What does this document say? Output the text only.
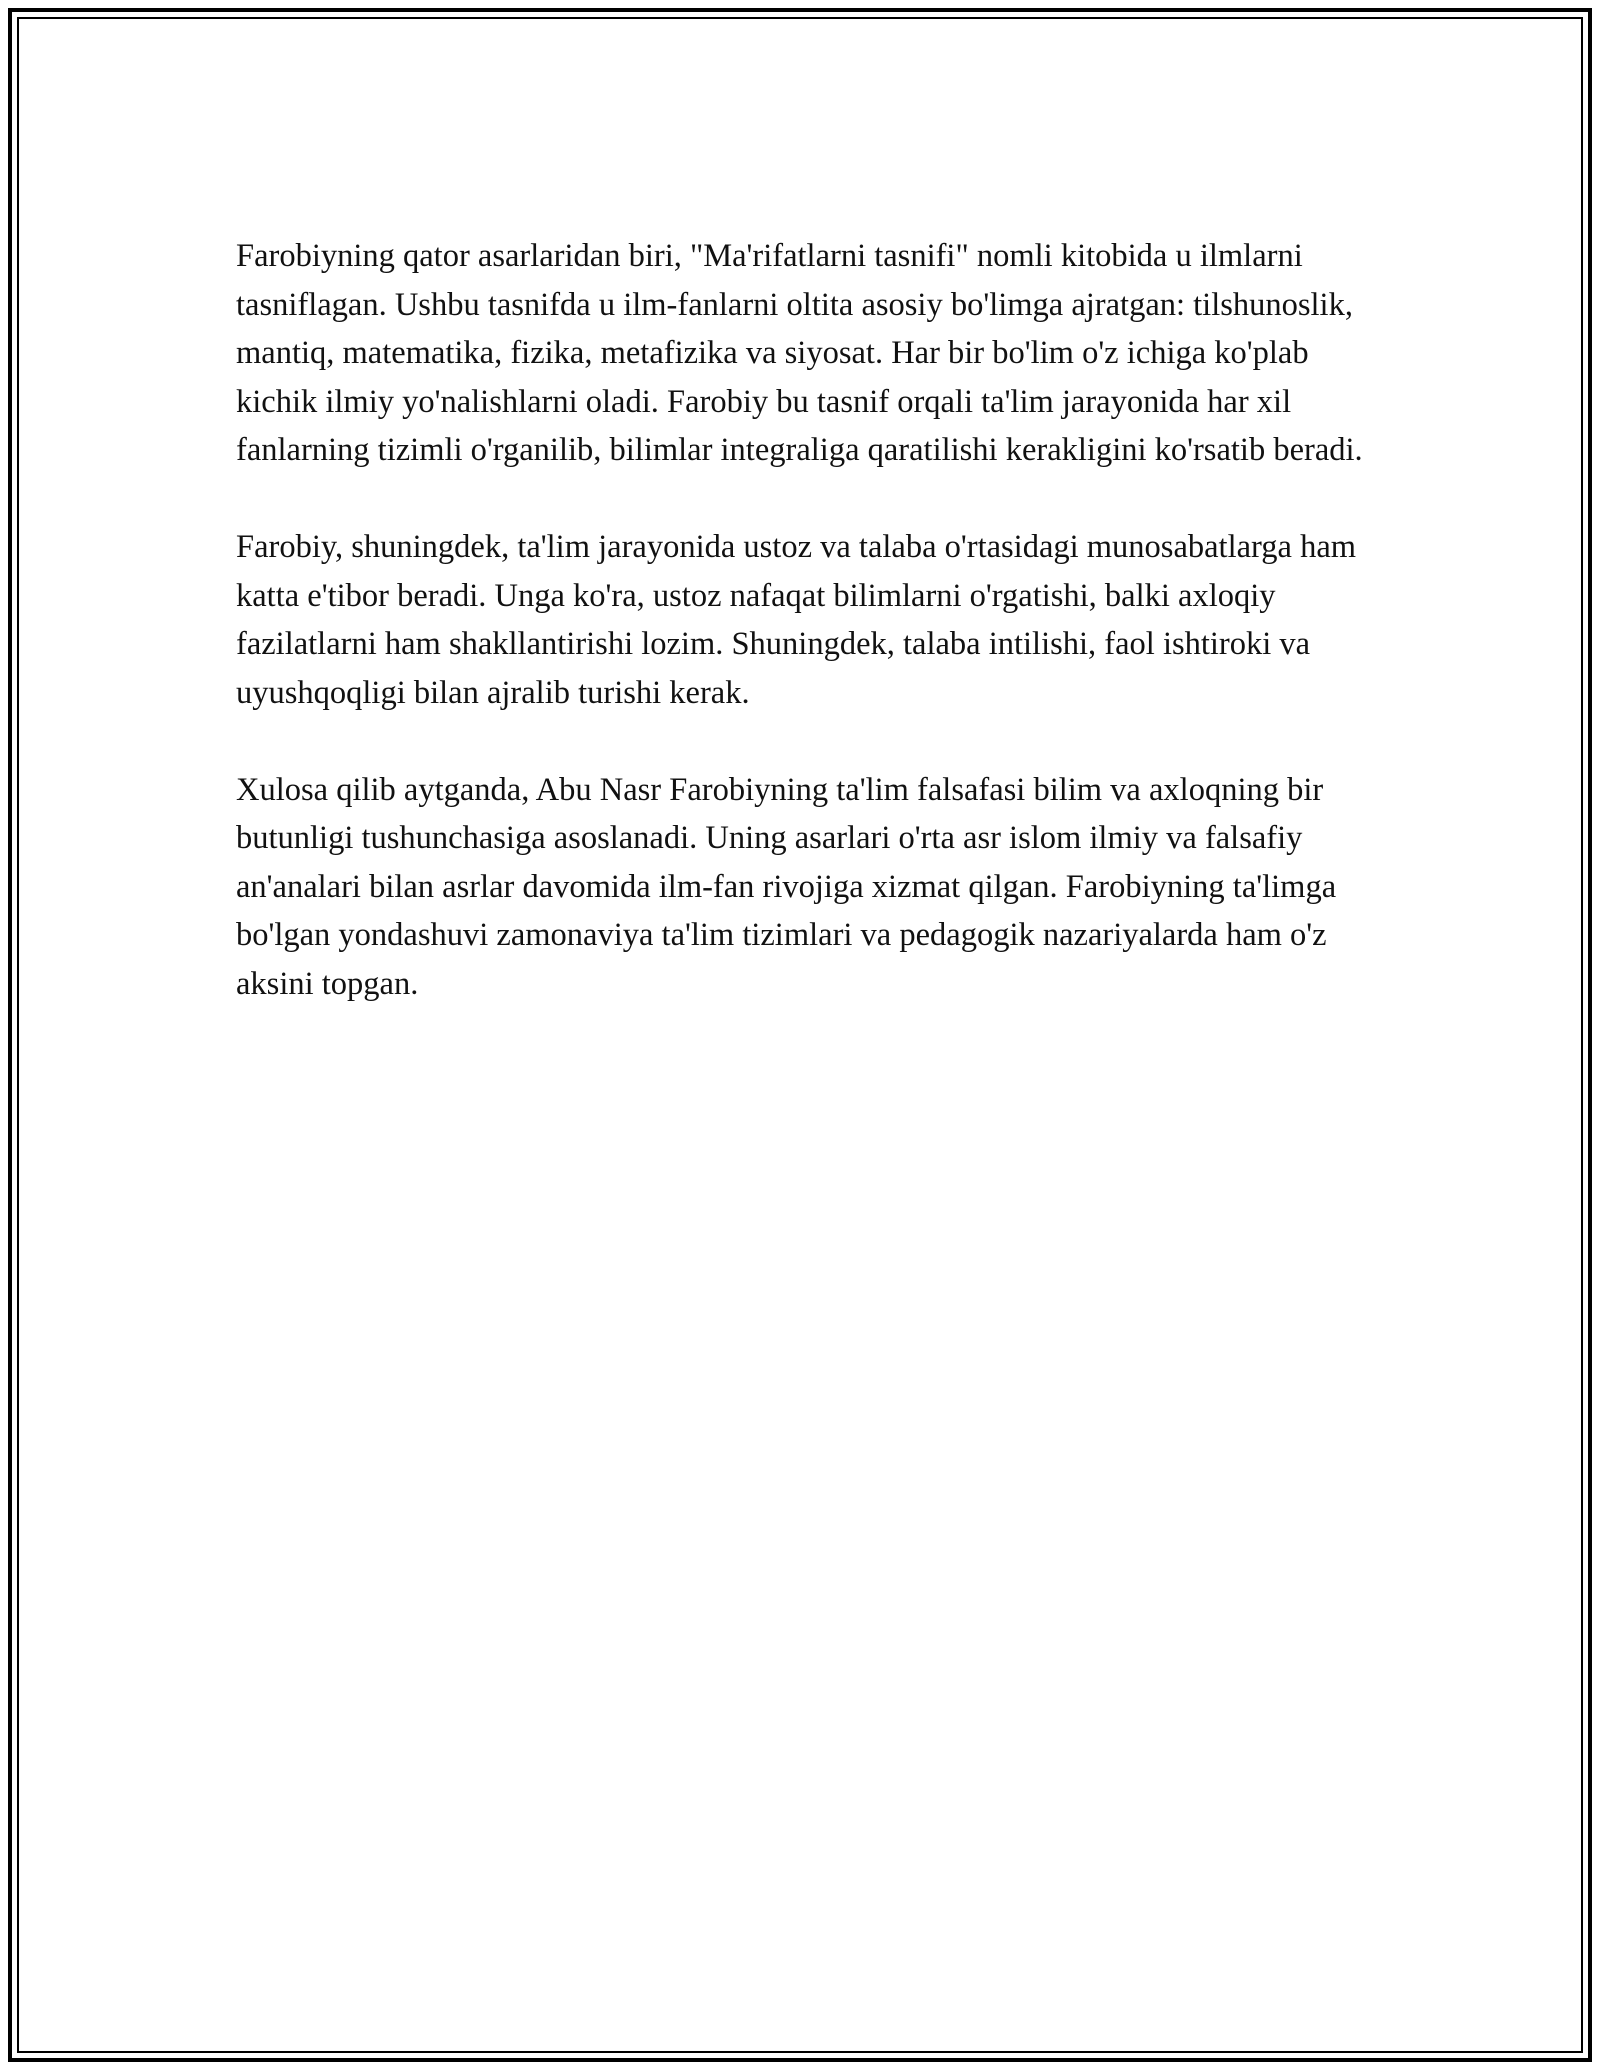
Farobiyning qator asarlaridan biri, "Ma'rifatlarni tasnifi" nomli kitobida u ilmlarni tasniflagan. Ushbu tasnifda u ilm-fanlarni oltita asosiy bo'limga ajratgan: tilshunoslik, mantiq, matematika, fizika, metafizika va siyosat. Har bir bo'lim o'z ichiga ko'plab kichik ilmiy yo'nalishlarni oladi. Farobiy bu tasnif orqali ta'lim jarayonida har xil fanlarning tizimli o'rganilib, bilimlar integraliga qaratilishi kerakligini ko'rsatib beradi.

Farobiy, shuningdek, ta'lim jarayonida ustoz va talaba o'rtasidagi munosabatlarga ham katta e'tibor beradi. Unga ko'ra, ustoz nafaqat bilimlarni o'rgatishi, balki axloqiy fazilatlarni ham shakllantirishi lozim. Shuningdek, talaba intilishi, faol ishtiroki va uyushqoqligi bilan ajralib turishi kerak.

Xulosa qilib aytganda, Abu Nasr Farobiyning ta'lim falsafasi bilim va axloqning bir butunligi tushunchasiga asoslanadi. Uning asarlari o'rta asr islom ilmiy va falsafiy an'analari bilan asrlar davomida ilm-fan rivojiga xizmat qilgan. Farobiyning ta'limga bo'lgan yondashuvi zamonaviya ta'lim tizimlari va pedagogik nazariyalarda ham o'z aksini topgan.
